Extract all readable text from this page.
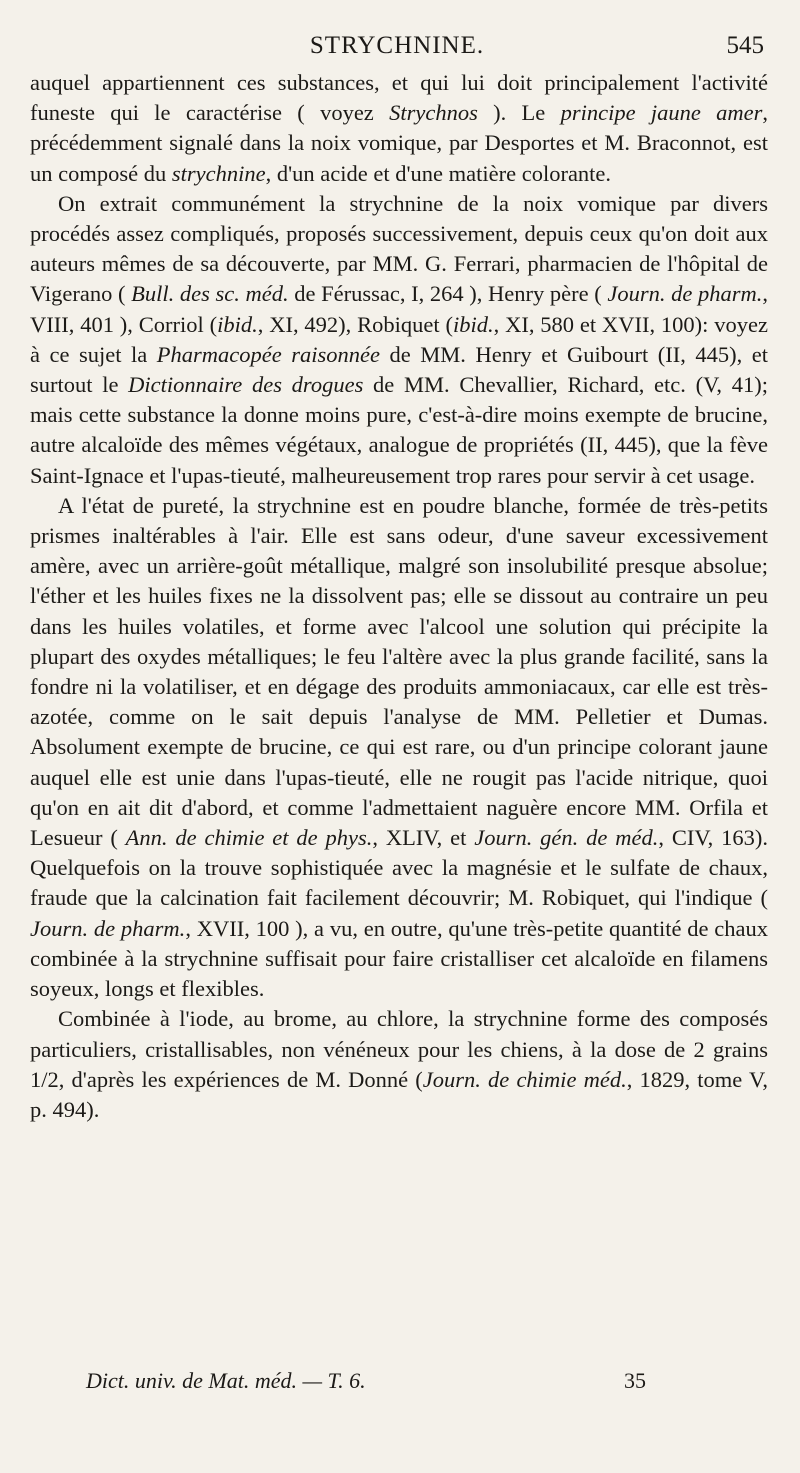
STRYCHNINE.	545

auquel appartiennent ces substances, et qui lui doit principalement l'activité funeste qui le caractérise ( voyez Strychnos ). Le principe jaune amer, précédemment signalé dans la noix vomique, par Desportes et M. Braconnot, est un composé du strychnine, d'un acide et d'une matière colorante.

On extrait communément la strychnine de la noix vomique par divers procédés assez compliqués, proposés successivement, depuis ceux qu'on doit aux auteurs mêmes de sa découverte, par MM. G. Ferrari, pharmacien de l'hôpital de Vigerano ( Bull. des sc. méd. de Férussac, I, 264 ), Henry père ( Journ. de pharm., VIII, 401 ), Corriol (ibid., XI, 492), Robiquet (ibid., XI, 580 et XVII, 100): voyez à ce sujet la Pharmacopée raisonnée de MM. Henry et Guibourt (II, 445), et surtout le Dictionnaire des drogues de MM. Chevallier, Richard, etc. (V, 41); mais cette substance la donne moins pure, c'est-à-dire moins exempte de brucine, autre alcaloïde des mêmes végétaux, analogue de propriétés (II, 445), que la fève Saint-Ignace et l'upas-tieuté, malheureusement trop rares pour servir à cet usage.

A l'état de pureté, la strychnine est en poudre blanche, formée de très-petits prismes inaltérables à l'air. Elle est sans odeur, d'une saveur excessivement amère, avec un arrière-goût métallique, malgré son insolubilité presque absolue; l'éther et les huiles fixes ne la dissolvent pas; elle se dissout au contraire un peu dans les huiles volatiles, et forme avec l'alcool une solution qui précipite la plupart des oxydes métalliques; le feu l'altère avec la plus grande facilité, sans la fondre ni la volatiliser, et en dégage des produits ammoniacaux, car elle est très-azotée, comme on le sait depuis l'analyse de MM. Pelletier et Dumas. Absolument exempte de brucine, ce qui est rare, ou d'un principe colorant jaune auquel elle est unie dans l'upas-tieuté, elle ne rougit pas l'acide nitrique, quoi qu'on en ait dit d'abord, et comme l'admettaient naguère encore MM. Orfila et Lesueur ( Ann. de chimie et de phys., XLIV, et Journ. gén. de méd., CIV, 163). Quelquefois on la trouve sophistiquée avec la magnésie et le sulfate de chaux, fraude que la calcination fait facilement découvrir; M. Robiquet, qui l'indique ( Journ. de pharm., XVII, 100 ), a vu, en outre, qu'une très-petite quantité de chaux combinée à la strychnine suffisait pour faire cristalliser cet alcaloïde en filamens soyeux, longs et flexibles.

Combinée à l'iode, au brome, au chlore, la strychnine forme des composés particuliers, cristallisables, non vénéneux pour les chiens, à la dose de 2 grains 1/2, d'après les expériences de M. Donné (Journ. de chimie méd., 1829, tome V, p. 494).

Dict. univ. de Mat. méd. — T. 6.	35
